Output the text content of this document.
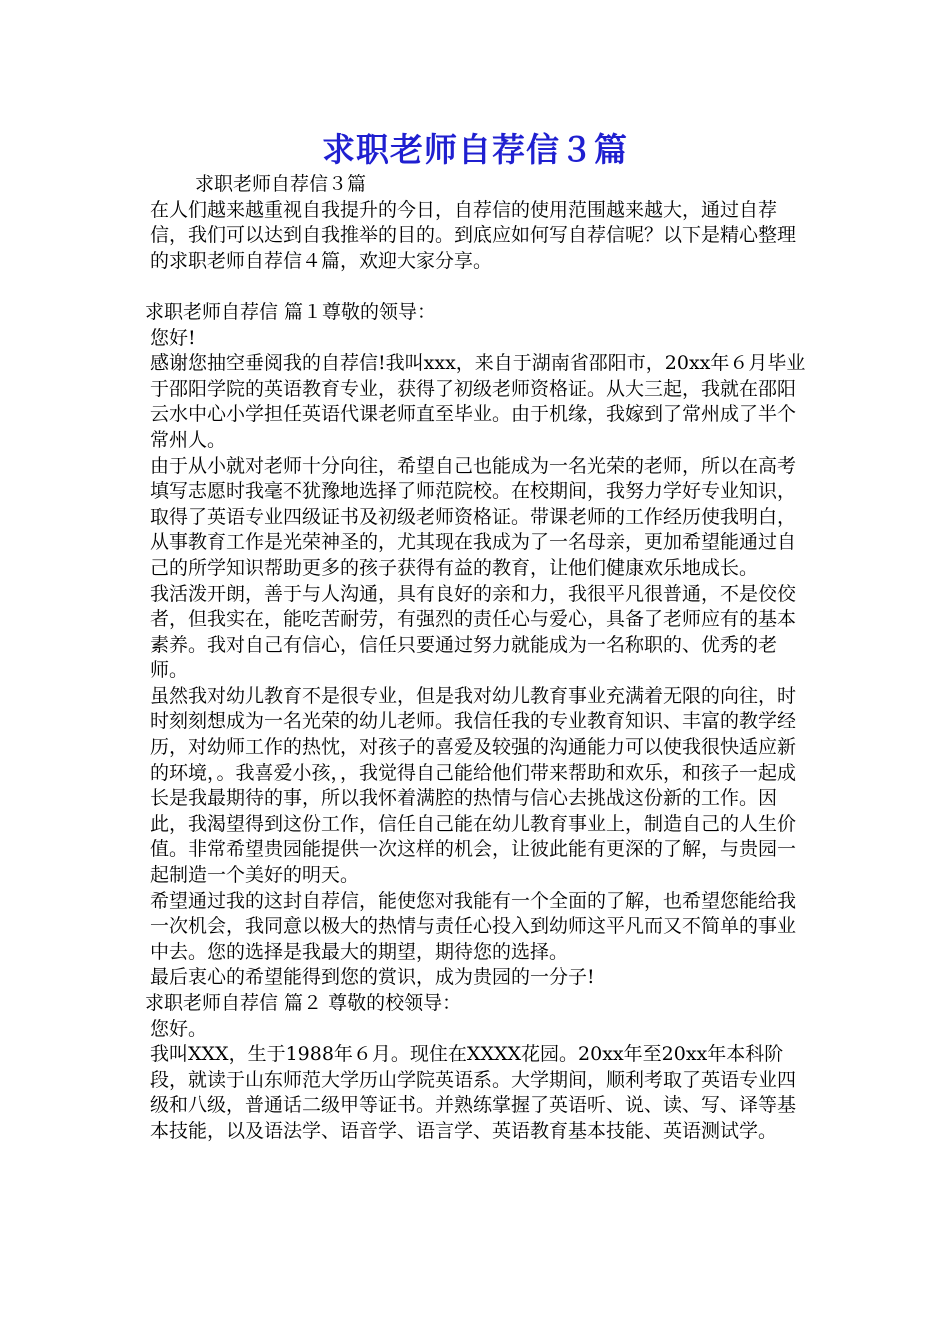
求职老师自荐信３篇

求职老师自荐信３篇

在人们越来越重视自我提升的今日，自荐信的使用范围越来越大，通过自荐信，我们可以达到自我推举的目的。到底应如何写自荐信呢？以下是精心整理的求职老师自荐信４篇，欢迎大家分享。

求职老师自荐信 篇１尊敬的领导：

您好!

感谢您抽空垂阅我的自荐信!我叫xxx，来自于湖南省邵阳市，20xx年６月毕业于邵阳学院的英语教育专业，获得了初级老师资格证。从大三起，我就在邵阳云水中心小学担任英语代课老师直至毕业。由于机缘，我嫁到了常州成了半个常州人。

由于从小就对老师十分向往，希望自己也能成为一名光荣的老师，所以在高考填写志愿时我毫不犹豫地选择了师范院校。在校期间，我努力学好专业知识，取得了英语专业四级证书及初级老师资格证。带课老师的工作经历使我明白，从事教育工作是光荣神圣的，尤其现在我成为了一名母亲，更加希望能通过自己的所学知识帮助更多的孩子获得有益的教育，让他们健康欢乐地成长。

我活泼开朗，善于与人沟通，具有良好的亲和力，我很平凡很普通，不是佼佼者，但我实在，能吃苦耐劳，有强烈的责任心与爱心，具备了老师应有的基本素养。我对自己有信心，信任只要通过努力就能成为一名称职的、优秀的老师。

虽然我对幼儿教育不是很专业，但是我对幼儿教育事业充满着无限的向往，时时刻刻想成为一名光荣的幼儿老师。我信任我的专业教育知识、丰富的教学经历，对幼师工作的热忱，对孩子的喜爱及较强的沟通能力可以使我很快适应新的环境，。我喜爱小孩，，我觉得自己能给他们带来帮助和欢乐，和孩子一起成长是我最期待的事，所以我怀着满腔的热情与信心去挑战这份新的工作。因此，我渴望得到这份工作，信任自己能在幼儿教育事业上，制造自己的人生价值。非常希望贵园能提供一次这样的机会，让彼此能有更深的了解，与贵园一起制造一个美好的明天。

希望通过我的这封自荐信，能使您对我能有一个全面的了解，也希望您能给我一次机会，我同意以极大的热情与责任心投入到幼师这平凡而又不简单的事业中去。您的选择是我最大的期望，期待您的选择。

最后衷心的希望能得到您的赏识，成为贵园的一分子!

求职老师自荐信 篇２ 尊敬的校领导：

您好。

我叫XXX，生于1988年６月。现住在XXXX花园。20xx年至20xx年本科阶段，就读于山东师范大学历山学院英语系。大学期间，顺利考取了英语专业四级和八级，普通话二级甲等证书。并熟练掌握了英语听、说、读、写、译等基本技能，以及语法学、语音学、语言学、英语教育基本技能、英语测试学。
